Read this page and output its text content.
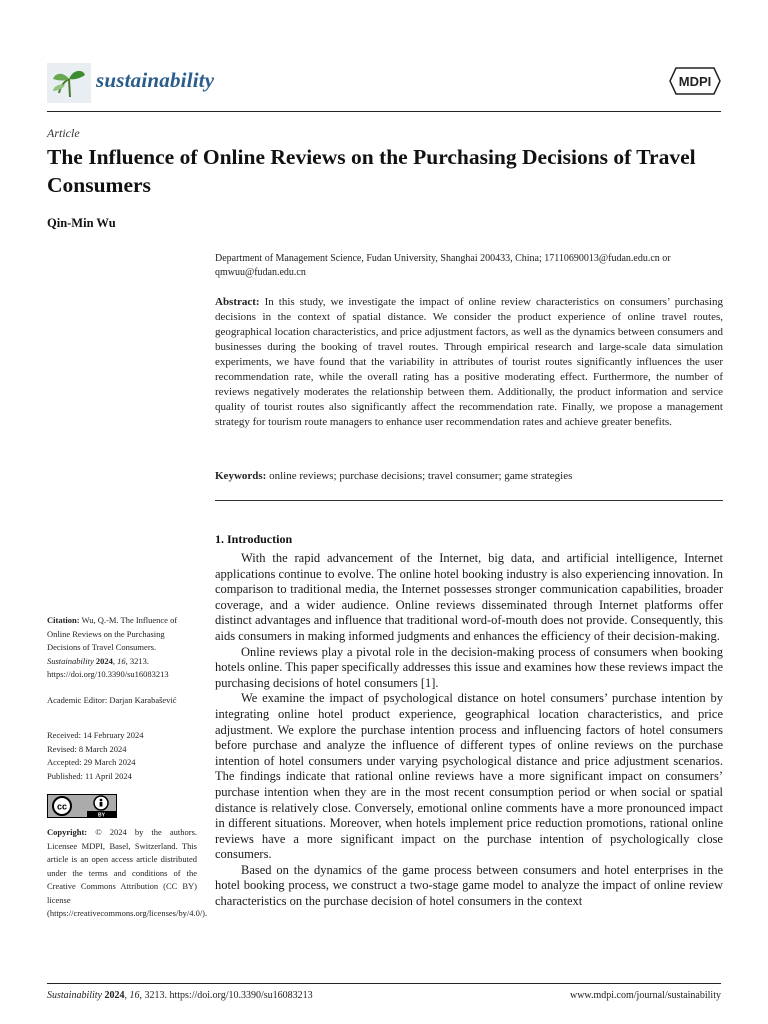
sustainability	MDPI
Article
The Influence of Online Reviews on the Purchasing Decisions of Travel Consumers
Qin-Min Wu
Department of Management Science, Fudan University, Shanghai 200433, China; 17110690013@fudan.edu.cn or qmwuu@fudan.edu.cn
Abstract: In this study, we investigate the impact of online review characteristics on consumers’ purchasing decisions in the context of spatial distance. We consider the product experience of online travel routes, geographical location characteristics, and price adjustment factors, as well as the dynamics between consumers and businesses during the booking of travel routes. Through empirical research and large-scale data simulation experiments, we have found that the variability in attributes of tourist routes significantly influences the user recommendation rate, while the overall rating has a positive moderating effect. Furthermore, the number of reviews negatively moderates the relationship between them. Additionally, the product information and service quality of tourist routes also significantly affect the recommendation rate. Finally, we propose a management strategy for tourism route managers to enhance user recommendation rates and achieve greater benefits.
Keywords: online reviews; purchase decisions; travel consumer; game strategies
1. Introduction

With the rapid advancement of the Internet, big data, and artificial intelligence, Internet applications continue to evolve. The online hotel booking industry is also experiencing innovation. In comparison to traditional media, the Internet possesses stronger communication capabilities, broader coverage, and a wider audience. Online reviews disseminated through Internet platforms offer distinct advantages and influence that traditional word-of-mouth does not provide. Consequently, this aids consumers in making informed judgments and enhances the efficiency of their decision-making.

Online reviews play a pivotal role in the decision-making process of consumers when booking hotels online. This paper specifically addresses this issue and examines how these reviews impact the purchasing decisions of hotel consumers [1].

We examine the impact of psychological distance on hotel consumers’ purchase intention by integrating online hotel product experience, geographical location characteristics, and price adjustment. We explore the purchase intention process and influencing factors of hotel consumers before purchase and analyze the influence of different types of online reviews on the purchase intention of hotel consumers under varying psychological distance and price adjustment scenarios. The findings indicate that rational online reviews have a more significant impact on consumers’ purchase intention when they are in the most recent consumption period or when social or spatial distance is relatively close. Conversely, emotional online comments have a more pronounced impact in different situations. Moreover, when hotels implement price reduction promotions, rational online reviews have a more significant impact on the purchase intention of psychologically close consumers.

Based on the dynamics of the game process between consumers and hotel enterprises in the hotel booking process, we construct a two-stage game model to analyze the impact of online review characteristics on the purchase decision of hotel consumers in the context

Citation: Wu, Q.-M. The Influence of Online Reviews on the Purchasing Decisions of Travel Consumers. Sustainability 2024, 16, 3213. https://doi.org/10.3390/su16083213
Academic Editor: Darjan Karabašević
Received: 14 February 2024
Revised: 8 March 2024
Accepted: 29 March 2024
Published: 11 April 2024
cc
BY
Copyright: © 2024 by the authors. Licensee MDPI, Basel, Switzerland. This article is an open access article distributed under the terms and conditions of the Creative Commons Attribution (CC BY) license (https://creativecommons.org/licenses/by/4.0/).
Sustainability 2024, 16, 3213. https://doi.org/10.3390/su16083213	www.mdpi.com/journal/sustainability
